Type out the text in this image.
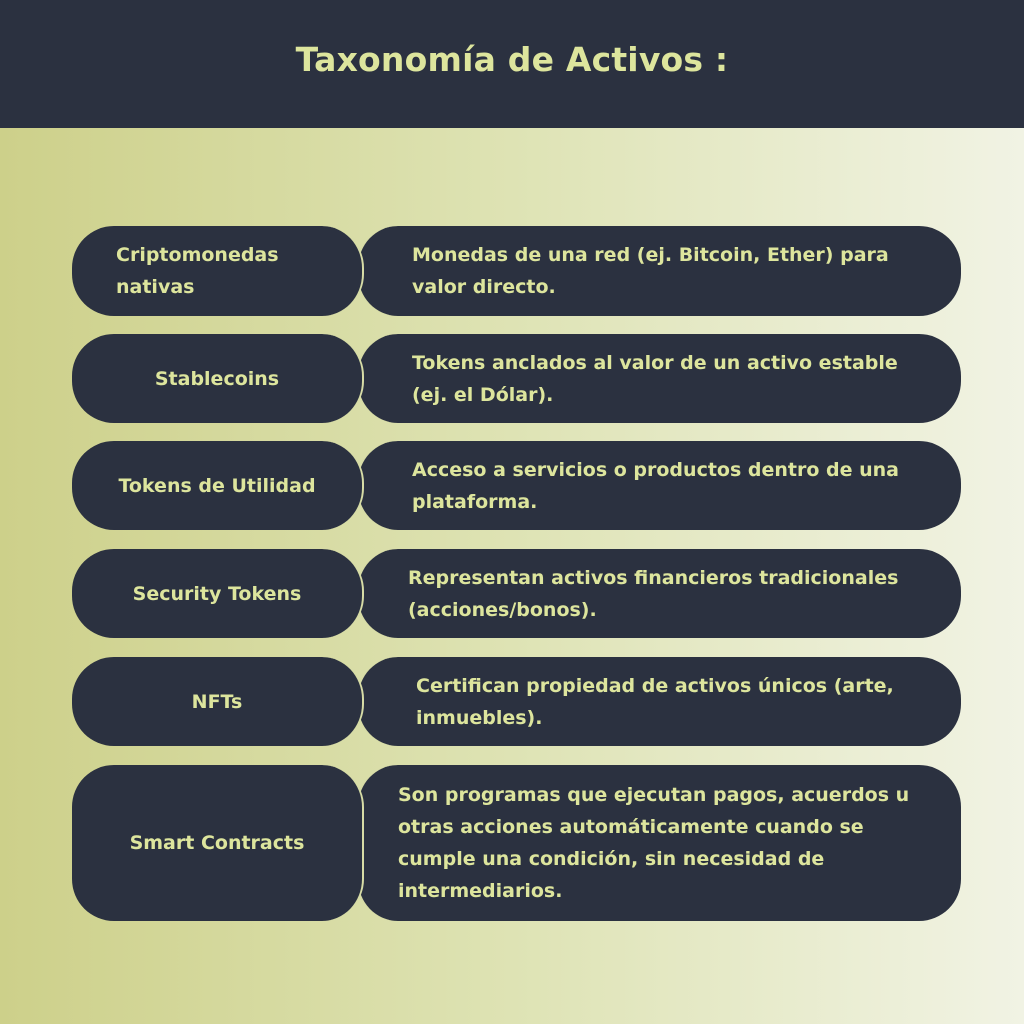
Taxonomía de Activos :
Criptomonedas nativas
Monedas de una red (ej. Bitcoin, Ether) para valor directo.
Stablecoins
Tokens anclados al valor de un activo estable (ej. el Dólar).
Tokens de Utilidad
Acceso a servicios o productos dentro de una plataforma.
Security Tokens
Representan activos financieros tradicionales (acciones/bonos).
NFTs
Certifican propiedad de activos únicos (arte, inmuebles).
Smart Contracts
Son programas que ejecutan pagos, acuerdos u otras acciones automáticamente cuando se cumple una condición, sin necesidad de intermediarios.
